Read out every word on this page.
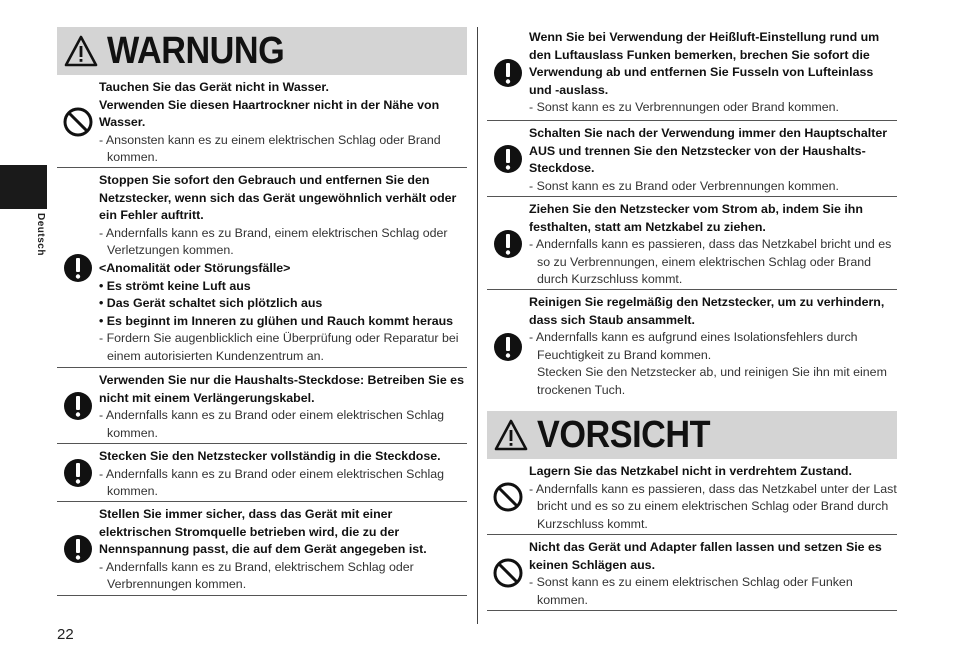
Deutsch
22
WARNUNG
Tauchen Sie das Gerät nicht in Wasser.
Verwenden Sie diesen Haartrockner nicht in der Nähe von Wasser.
- Ansonsten kann es zu einem elektrischen Schlag oder Brand kommen.
Stoppen Sie sofort den Gebrauch und entfernen Sie den Netzstecker, wenn sich das Gerät ungewöhnlich verhält oder ein Fehler auftritt.
- Andernfalls kann es zu Brand, einem elektrischen Schlag oder Verletzungen kommen.
<Anomalität oder Störungsfälle>
• Es strömt keine Luft aus
• Das Gerät schaltet sich plötzlich aus
• Es beginnt im Inneren zu glühen und Rauch kommt heraus
- Fordern Sie augenblicklich eine Überprüfung oder Reparatur bei einem autorisierten Kundenzentrum an.
Verwenden Sie nur die Haushalts-Steckdose: Betreiben Sie es nicht mit einem Verlängerungskabel.
- Andernfalls kann es zu Brand oder einem elektrischen Schlag kommen.
Stecken Sie den Netzstecker vollständig in die Steckdose.
- Andernfalls kann es zu Brand oder einem elektrischen Schlag kommen.
Stellen Sie immer sicher, dass das Gerät mit einer elektrischen Stromquelle betrieben wird, die zu der Nennspannung passt, die auf dem Gerät angegeben ist.
- Andernfalls kann es zu Brand, elektrischem Schlag oder Verbrennungen kommen.
Wenn Sie bei Verwendung der Heißluft-Einstellung rund um den Luftauslass Funken bemerken, brechen Sie sofort die Verwendung ab und entfernen Sie Fusseln von Lufteinlass und -auslass.
- Sonst kann es zu Verbrennungen oder Brand kommen.
Schalten Sie nach der Verwendung immer den Hauptschalter AUS und trennen Sie den Netzstecker von der Haushalts-Steckdose.
- Sonst kann es zu Brand oder Verbrennungen kommen.
Ziehen Sie den Netzstecker vom Strom ab, indem Sie ihn festhalten, statt am Netzkabel zu ziehen.
- Andernfalls kann es passieren, dass das Netzkabel bricht und es so zu Verbrennungen, einem elektrischen Schlag oder Brand durch Kurzschluss kommt.
Reinigen Sie regelmäßig den Netzstecker, um zu verhindern, dass sich Staub ansammelt.
- Andernfalls kann es aufgrund eines Isolationsfehlers durch Feuchtigkeit zu Brand kommen.
Stecken Sie den Netzstecker ab, und reinigen Sie ihn mit einem trockenen Tuch.
VORSICHT
Lagern Sie das Netzkabel nicht in verdrehtem Zustand.
- Andernfalls kann es passieren, dass das Netzkabel unter der Last bricht und es so zu einem elektrischen Schlag oder Brand durch Kurzschluss kommt.
Nicht das Gerät und Adapter fallen lassen und setzen Sie es keinen Schlägen aus.
- Sonst kann es zu einem elektrischen Schlag oder Funken kommen.
